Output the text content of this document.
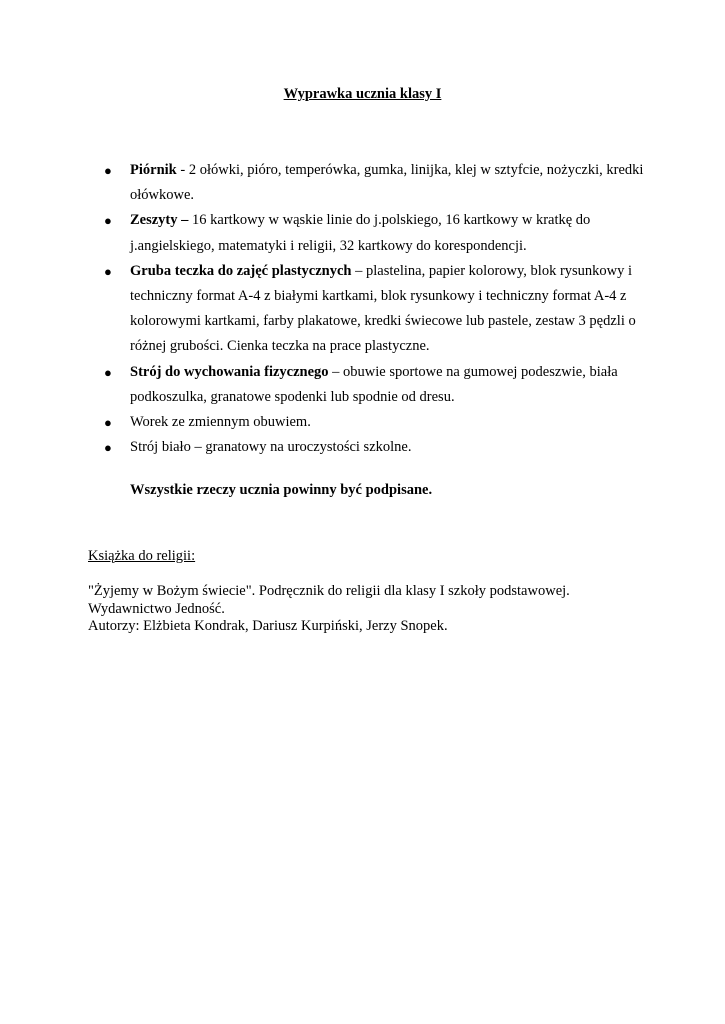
Wyprawka ucznia klasy I
● Piórnik - 2 ołówki, pióro, temperówka, gumka, linijka, klej w sztyfcie, nożyczki, kredki ołówkowe.
● Zeszyty – 16 kartkowy w wąskie linie do j.polskiego, 16 kartkowy w kratkę do j.angielskiego, matematyki i religii, 32 kartkowy do korespondencji.
● Gruba teczka do zajęć plastycznych – plastelina, papier kolorowy, blok rysunkowy i techniczny format A-4 z białymi kartkami, blok rysunkowy i techniczny format A-4 z kolorowymi kartkami, farby plakatowe, kredki świecowe lub pastele, zestaw 3 pędzli o różnej grubości. Cienka teczka na prace plastyczne.
● Strój do wychowania fizycznego – obuwie sportowe na gumowej podeszwie, biała podkoszulka, granatowe spodenki lub spodnie od dresu.
● Worek ze zmiennym obuwiem.
● Strój biało – granatowy na uroczystości szkolne.
Wszystkie rzeczy ucznia powinny być podpisane.
Książka do religii:
"Żyjemy w Bożym świecie". Podręcznik do religii dla klasy I szkoły podstawowej.
Wydawnictwo Jedność.
Autorzy: Elżbieta Kondrak, Dariusz Kurpiński, Jerzy Snopek.
